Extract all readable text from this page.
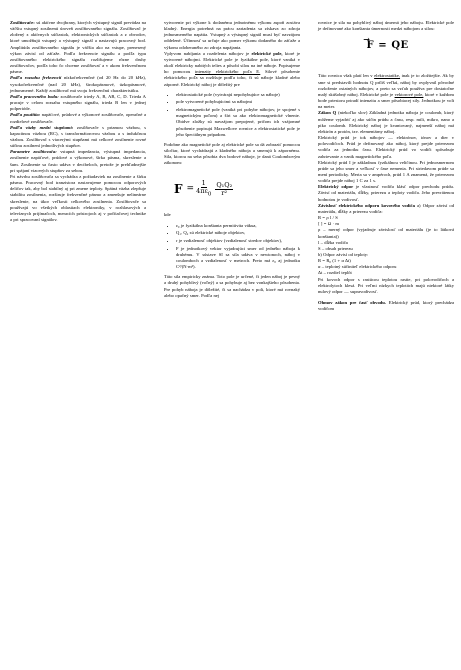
Zosilňovače: sú aktívne dvojbrany, ktorých výstupný signál prevádza na väčšiu vstupný zosilnenú úroveň zosilňovaného signálu. Zosilňovač je zložený z aktívnych súčiastok, elektronických súčiastok a z obvodov, ktoré umožňujú vstupný a výstupný signál a nastavujú pracovný bod. Amplitúda zosilňovaného signálu je väčšia ako na vstupe, prenesený výkon závisí od záťaže. Podľa frekvencie signálu a podľa typu zosilňovaného elektrického signálu rozlišujeme rôzne druhy zosilňovačov, podľa toho čo chceme zosilňovať a v akom frekvenčnom pásme.

Podľa rozsahu frekvencií nízkofrekvenčné (od 20 Hz do 20 kHz), vysokofrekvenčné (nad 20 kHz), širokopásmové, úzkopásmové, jednosmerné. Každý zosilňovač má svoju frekvenčnú charakteristiku.

Podľa pracovného bodu: zosilňovače triedy A, B, AB, C, D. Trieda A pracuje v celom rozsahu vstupného signálu, trieda B len v jednej polperióde.

Podľa použitia: napäťové, prúdové a výkonové zosilňovače, operačné a rozdielové zosilňovače.

Podľa väzby medzi stupňami: zosilňovače s priamou väzbou, s kapacitnou väzbou (RC), s transformátorovou väzbou a s indukčnou väzbou. Zosilňovač s viacerými stupňami má celkové zosilnenie rovné súčinu zosilnení jednotlivých stupňov.

Parametre zosilňovača: vstupná impedancia, výstupná impedancia, zosilnenie napäťové, prúdové a výkonové, šírka pásma, skreslenie a šum. Zosilnenie sa často udáva v decibeloch, pretože je prehľadnejšie pri spájaní viacerých stupňov za sebou.

Pri návrhu zosilňovača sa vychádza z požiadaviek na zosilnenie a šírku pásma. Pracovný bod tranzistora nastavujeme pomocou odporových deličov tak, aby bol stabilný aj pri zmene teploty. Spätná väzba zlepšuje stabilitu zosilnenia, rozširuje frekvenčné pásmo a zmenšuje nelineárne skreslenie, na úkor veľkosti celkového zosilnenia. Zosilňovače sa používajú vo všetkých oblastiach elektroniky, v rozhlasových a televíznych prijímačoch, meracích prístrojoch aj v počítačovej technike a pri spracovaní signálov.

vytvorenie pri výkone k dodanému jednotnému výkonu aspoň zostáva kladný. Energia potrebná na prácu zariadenia sa získava zo zdroja jednosmerného napätia. Vstupný a výstupný signál musí byť navzájom oddelené. Účinnosť sa určuje ako pomer výkonu dodaného do záťaže a výkonu odoberaného zo zdroja napájania.

Vplyvom nabíjania a rozdelenia nábojov je elektrické pole, ktoré je vytvorené nábojmi. Elektrické pole je fyzikálne pole, ktoré vzniká v okolí elektricky nabitých telies a pôsobí silou na iné náboje. Popisujeme ho pomocou intenzity elektrického poľa E. Silové pôsobenie elektrického poľa sa rozlišuje podľa toho, či sú náboje kladné alebo záporné. Elektrický náboj je dôležitý pre

• elektrostatické pole (vytvárajú nepohybujúce sa náboje)
• pole vytvorené pohybujúcimi sa nábojmi
• elektromagnetické pole (vzniká pri pohybe nábojov, je spojené s magnetickým poľom) a šíri sa ako elektromagnetické vlnenie. Obidve zložky sú navzájom prepojené, pričom ich vzájomné pôsobenie popisujú Maxwellove rovnice a elektrostatické pole je jeho špeciálnym prípadom.

Podobne ako magnetické pole aj elektrické pole sa dá zobraziť pomocou siločiar, ktoré vychádzajú z kladného náboja a smerujú k zápornému. Sila, ktorou na seba pôsobia dva bodové náboje, je daná Coulombovým zákonom:

$F = \frac{1}{4\pi\varepsilon_0} \frac{\text{Q₁Q₂}}{\text{r²}}$

kde

• ε₀ je fyzikálna konštanta permitivita vákua,
• Q₁, Q₂ sú elektrické náboje objektov,
• r je vzdialenosť objektov (vzdialenosť stredov objektov),
• F je jednotkový vektor vyjadrujúci smer od jedného náboja k druhému. V sústave SI sa sila udáva v newtonoch, náboj v coulomboch a vzdialenosť v metroch. Preto má ε₀ aj jednotku C²/(N·m²).

Táto sila empiricky známa. Toto pole je určené, či jeden náboj je pevný a druhý pohyblivý (voľný) a sa pohybuje aj bez vonkajšieho pôsobenia. Pre pohyb náboja je dôležité, či sa nachádza v poli, ktoré má rovnaký alebo opačný smer. Podľa nej

rovnice je sila na pohyblivý náboj úmerná jeho náboju. Elektrické pole je definované ako konštanta úmernosti medzi nábojom a silou:

→F = QE

Táto rovnica však platí len v elektrostatike, inak je to zložitejšie. Ak by sme si predstavili hodnotu Q príliš veľkú, náboj by ovplyvnil pôvodné rozloženie ostatných nábojov, a preto sa vzťah používa pre dostatočne malý skúšobný náboj. Elektrické pole je vektorové pole, ktoré v každom bode priestoru priradí intenzitu a smer pôsobiacej sily. Jednotkou je volt na meter.

Zákon Q (niekoľko slov) Základná jednotka náboja je coulomb, ktorý môžeme vyjadriť aj ako súčin prúdu a času, resp. mili, mikro, nano a piko coulomb. Elektrický náboj je kvantovaný, najmenší náboj má elektrón a protón, tzv. elementárny náboj.

Elektrický prúd je tok nábojov — elektrónov, iónov a dier v polovodičoch. Prúd je definovaný ako náboj, ktorý prejde prierezom vodiča za jednotku času. Elektrický prúd vo vodiči spôsobuje zahrievanie a vznik magnetického poľa.

Elektrický prúd I je základnou fyzikálnou veličinou. Pri jednosmernom prúde sa jeho smer a veľkosť v čase nemenia. Pri striedavom prúde sa mení periodicky. Meria sa v ampéroch, prúd 1 A znamená, že prierezom vodiča prejde náboj 1 C za 1 s.

Elektrický odpor je vlastnosť vodiča klásť odpor prechodu prúdu. Závisí od materiálu, dĺžky, prierezu a teploty vodiča. Jeho prevrátenou hodnotou je vodivosť.

Závislosť elektrického odporu kovového vodiča a) Odpor závisí od materiálu, dĺžky a prierezu vodiča:

R = ρ l / S

[ ] = Ω · m

ρ – merný odpor (vyjadruje závislosť od materiálu (je to látková konštanta))

l – dĺžka vodiča

S – obsah prierezu

b) Odpor závisí od teploty:

R = R₀ (1 + α Δt)

α – teplotný súčiniteľ elektrického odporu

Δt – rozdiel teplôt

Pri kovoch odpor s rastúcou teplotou rastie, pri polovodičoch a elektrolytoch klesá. Pri veľmi nízkych teplotách majú niektoré látky nulový odpor — supravodivosť.

Ohmov zákon pre časť obvodu. Elektrický prúd, ktorý prechádza vodičom
